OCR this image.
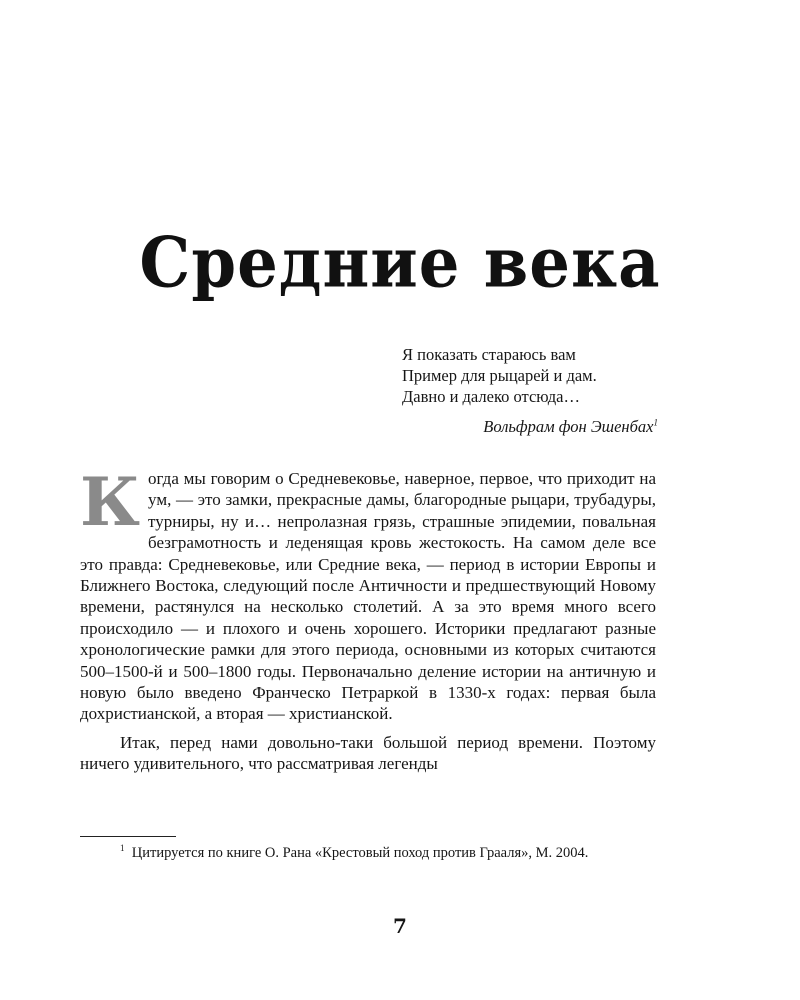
Средние века
Я показать стараюсь вам
Пример для рыцарей и дам.
Давно и далеко отсюда…
Вольфрам фон Эшенбах$^1$

Когда мы говорим о Средневековье, наверное, первое, что приходит на ум, — это замки, прекрасные дамы, благородные рыцари, трубадуры, турниры, ну и… непролазная грязь, страшные эпидемии, повальная безграмотность и леденящая кровь жестокость. На самом деле все это правда: Средневековье, или Средние века, — период в истории Европы и Ближнего Востока, следующий после Античности и предшествующий Новому времени, растянулся на несколько столетий. А за это время много всего происходило — и плохого и очень хорошего. Историки предлагают разные хронологические рамки для этого периода, основными из которых считаются 500–1500-й и 500–1800 годы. Первоначально деление истории на античную и новую было введено Франческо Петраркой в 1330-х годах: первая была дохристианской, а вторая — христианской.

Итак, перед нами довольно-таки большой период времени. Поэтому ничего удивительного, что рассматривая легенды

$^1$ Цитируется по книге О. Рана «Крестовый поход против Грааля», М. 2004.
7
